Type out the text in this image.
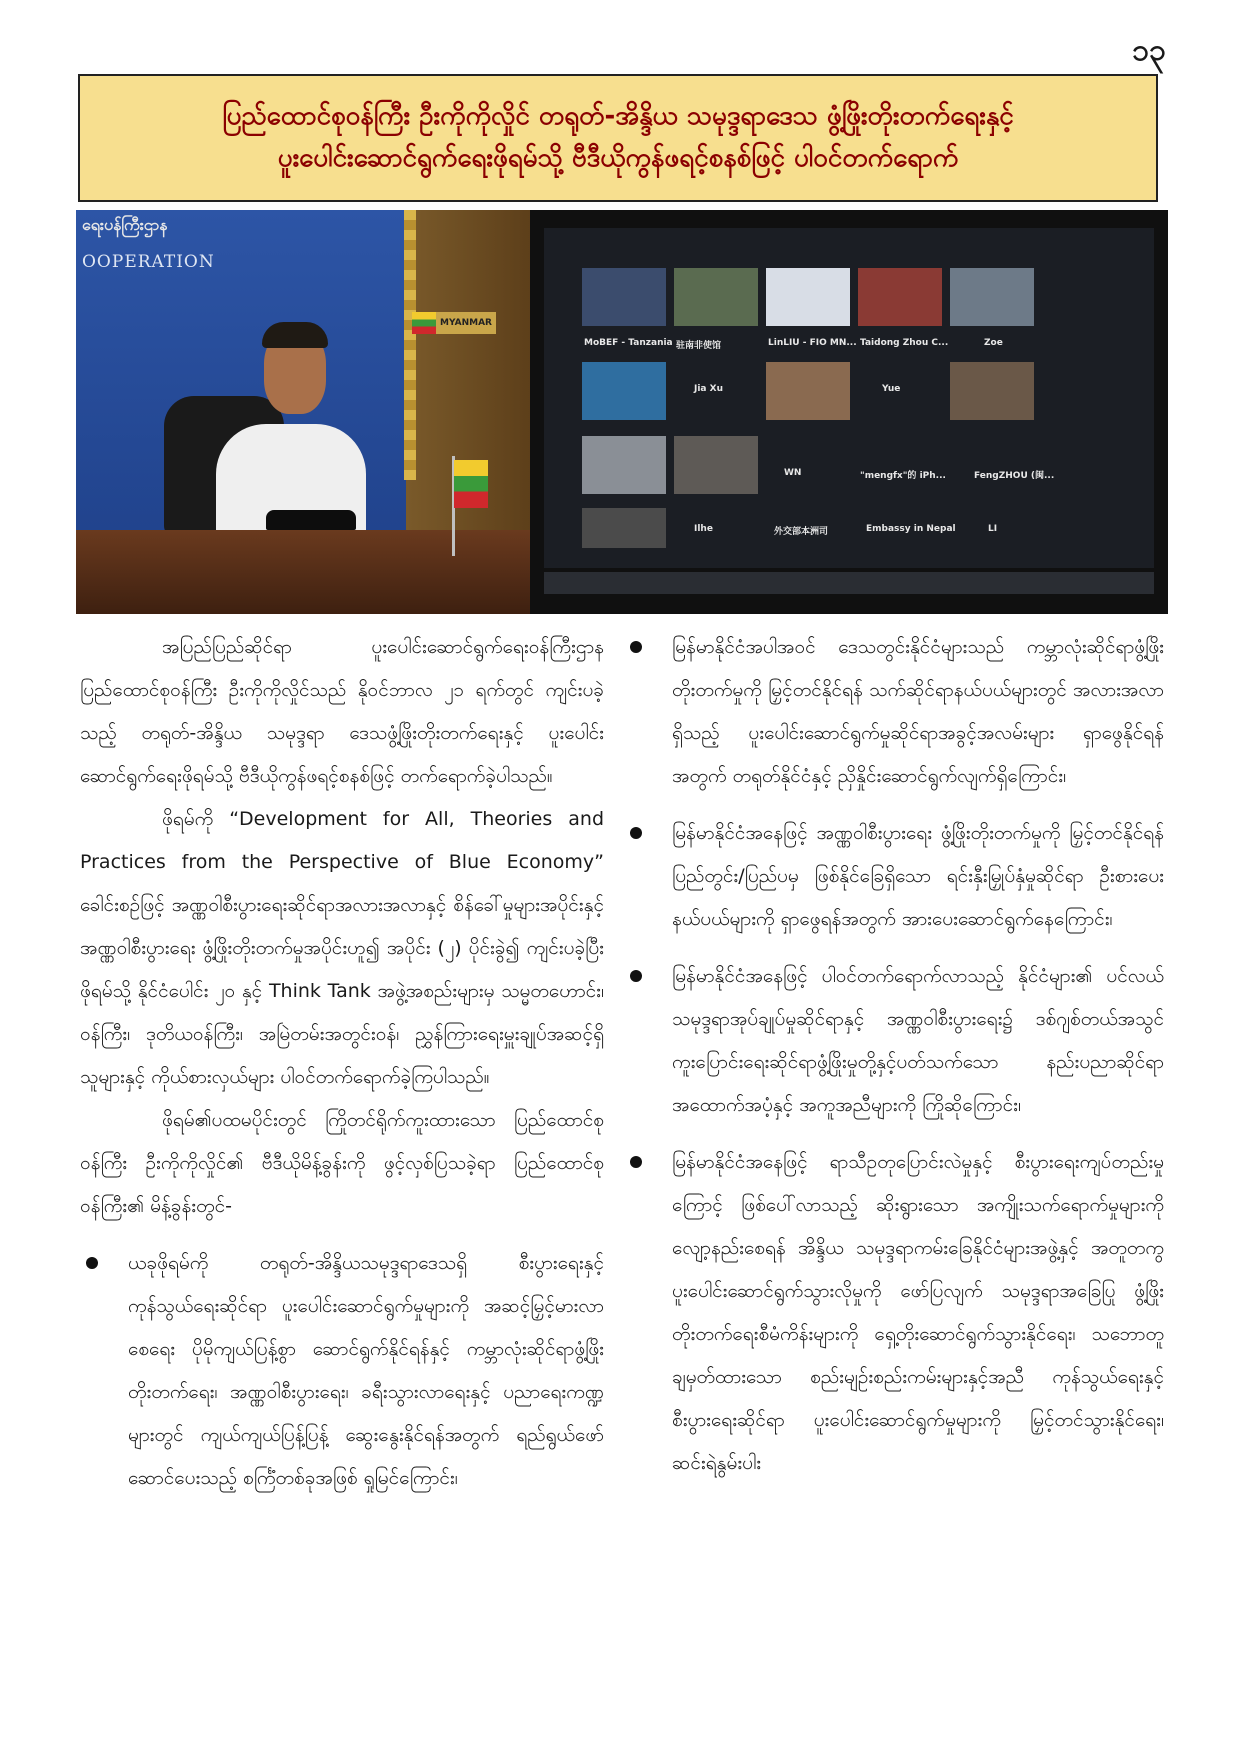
၁၃
ပြည်ထောင်စုဝန်ကြီး ဦးကိုကိုလှိုင် တရုတ်-အိန္ဒိယ သမုဒ္ဒရာဒေသ ဖွံ့ဖြိုးတိုးတက်ရေးနှင့်
ပူးပေါင်းဆောင်ရွက်ရေးဖိုရမ်သို့ ဗီဒီယိုကွန်ဖရင့်စနစ်ဖြင့် ပါဝင်တက်ရောက်
ရေးပန်ကြီးဌာန
OOPERATION
MYANMAR
MoBEF - Tanzania 驻南非使馆	LinLIU - FIO MN... Taidong Zhou C...	Zoe
Jia Xu	Yue
WN	"mengfx"的 iPh...	FengZHOU (闽...
Ilhe	外交部本洲司	Embassy in Nepal	LI

အပြည်ပြည်ဆိုင်ရာ ပူးပေါင်းဆောင်ရွက်ရေးဝန်ကြီးဌာန ပြည်ထောင်စုဝန်ကြီး ဦးကိုကိုလှိုင်သည် နိုဝင်ဘာလ ၂၁ ရက်တွင် ကျင်းပခဲ့သည့် တရုတ်-အိန္ဒိယ သမုဒ္ဒရာ ဒေသဖွံ့ဖြိုးတိုးတက်ရေးနှင့် ပူးပေါင်းဆောင်ရွက်ရေးဖိုရမ်သို့ ဗီဒီယိုကွန်ဖရင့်စနစ်ဖြင့် တက်ရောက်ခဲ့ပါသည်။

ဖိုရမ်ကို “Development for All, Theories and Practices from the Perspective of Blue Economy” ခေါင်းစဉ်ဖြင့် အဏ္ဏဝါစီးပွားရေးဆိုင်ရာအလားအလာနှင့် စိန်ခေါ်မှုများအပိုင်းနှင့် အဏ္ဏဝါစီးပွားရေး ဖွံ့ဖြိုးတိုးတက်မှုအပိုင်းဟူ၍ အပိုင်း (၂) ပိုင်းခွဲ၍ ကျင်းပခဲ့ပြီး ဖိုရမ်သို့ နိုင်ငံပေါင်း ၂၀ နှင့် Think Tank အဖွဲ့အစည်းများမှ သမ္မတဟောင်း၊ ဝန်ကြီး၊ ဒုတိယဝန်ကြီး၊ အမြဲတမ်းအတွင်းဝန်၊ ညွှန်ကြားရေးမှူးချုပ်အဆင့်ရှိသူများနှင့် ကိုယ်စားလှယ်များ ပါဝင်တက်ရောက်ခဲ့ကြပါသည်။

ဖိုရမ်၏ပထမပိုင်းတွင် ကြိုတင်ရိုက်ကူးထားသော ပြည်ထောင်စုဝန်ကြီး ဦးကိုကိုလှိုင်၏ ဗီဒီယိုမိန့်ခွန်းကို ဖွင့်လှစ်ပြသခဲ့ရာ ပြည်ထောင်စုဝန်ကြီး၏ မိန့်ခွန်းတွင်-

ယခုဖိုရမ်ကို တရုတ်-အိန္ဒိယသမုဒ္ဒရာဒေသရှိ စီးပွားရေးနှင့် ကုန်သွယ်ရေးဆိုင်ရာ ပူးပေါင်းဆောင်ရွက်မှုများကို အဆင့်မြှင့်မားလာစေရေး ပိုမိုကျယ်ပြန့်စွာ ဆောင်ရွက်နိုင်ရန်နှင့် ကမ္ဘာလုံးဆိုင်ရာဖွံ့ဖြိုး တိုးတက်ရေး၊ အဏ္ဏဝါစီးပွားရေး၊ ခရီးသွားလာရေးနှင့် ပညာရေးကဏ္ဍများတွင် ကျယ်ကျယ်ပြန့်ပြန့် ဆွေးနွေးနိုင်ရန်အတွက် ရည်ရွယ်ဖော်ဆောင်ပေးသည့် စင်္ကြံတစ်ခုအဖြစ် ရှုမြင်ကြောင်း၊
မြန်မာနိုင်ငံအပါအဝင် ဒေသတွင်းနိုင်ငံများသည် ကမ္ဘာလုံးဆိုင်ရာဖွံ့ဖြိုးတိုးတက်မှုကို မြှင့်တင်နိုင်ရန် သက်ဆိုင်ရာနယ်ပယ်များတွင် အလားအလာရှိသည့် ပူးပေါင်းဆောင်ရွက်မှုဆိုင်ရာအခွင့်အလမ်းများ ရှာဖွေနိုင်ရန်အတွက် တရုတ်နိုင်ငံနှင့် ညှိနှိုင်းဆောင်ရွက်လျက်ရှိကြောင်း၊
မြန်မာနိုင်ငံအနေဖြင့် အဏ္ဏဝါစီးပွားရေး ဖွံ့ဖြိုးတိုးတက်မှုကို မြှင့်တင်နိုင်ရန် ပြည်တွင်း/ပြည်ပမှ ဖြစ်နိုင်ခြေရှိသော ရင်းနှီးမြှုပ်နှံမှုဆိုင်ရာ ဦးစားပေးနယ်ပယ်များကို ရှာဖွေရန်အတွက် အားပေးဆောင်ရွက်နေကြောင်း၊
မြန်မာနိုင်ငံအနေဖြင့် ပါဝင်တက်ရောက်လာသည့် နိုင်ငံများ၏ ပင်လယ်သမုဒ္ဒရာအုပ်ချုပ်မှုဆိုင်ရာနှင့် အဏ္ဏဝါစီးပွားရေး၌ ဒစ်ဂျစ်တယ်အသွင်ကူးပြောင်းရေးဆိုင်ရာဖွံ့ဖြိုးမှုတို့နှင့်ပတ်သက်သော နည်းပညာဆိုင်ရာအထောက်အပံ့နှင့် အကူအညီများကို ကြိုဆိုကြောင်း၊
မြန်မာနိုင်ငံအနေဖြင့် ရာသီဥတုပြောင်းလဲမှုနှင့် စီးပွားရေးကျပ်တည်းမှုကြောင့် ဖြစ်ပေါ်လာသည့် ဆိုးရွားသော အကျိုးသက်ရောက်မှုများကို လျော့နည်းစေရန် အိန္ဒိယ သမုဒ္ဒရာကမ်းခြေနိုင်ငံများအဖွဲ့နှင့် အတူတကွ ပူးပေါင်းဆောင်ရွက်သွားလိုမှုကို ဖော်ပြလျက် သမုဒ္ဒရာအခြေပြု ဖွံ့ဖြိုးတိုးတက်ရေးစီမံကိန်းများကို ရှေ့တိုးဆောင်ရွက်သွားနိုင်ရေး၊ သဘောတူချမှတ်ထားသော စည်းမျဉ်းစည်းကမ်းများနှင့်အညီ ကုန်သွယ်ရေးနှင့် စီးပွားရေးဆိုင်ရာ ပူးပေါင်းဆောင်ရွက်မှုများကို မြှင့်တင်သွားနိုင်ရေး၊ ဆင်းရဲနွမ်းပါး
